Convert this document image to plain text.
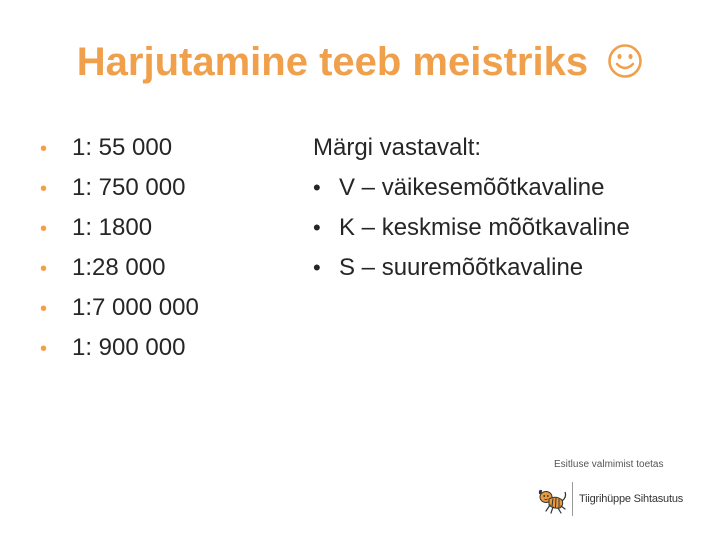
Harjutamine teeb meistriks
• 1: 55 000
• 1: 750 000
• 1: 1800
• 1:28 000
• 1:7 000 000
• 1: 900 000
Märgi vastavalt:
• V – väikesemõõtkavaline
• K – keskmise mõõtkavaline
• S – suuremõõtkavaline
Esitluse valmimist toetas
Tiigrihüppe Sihtasutus
